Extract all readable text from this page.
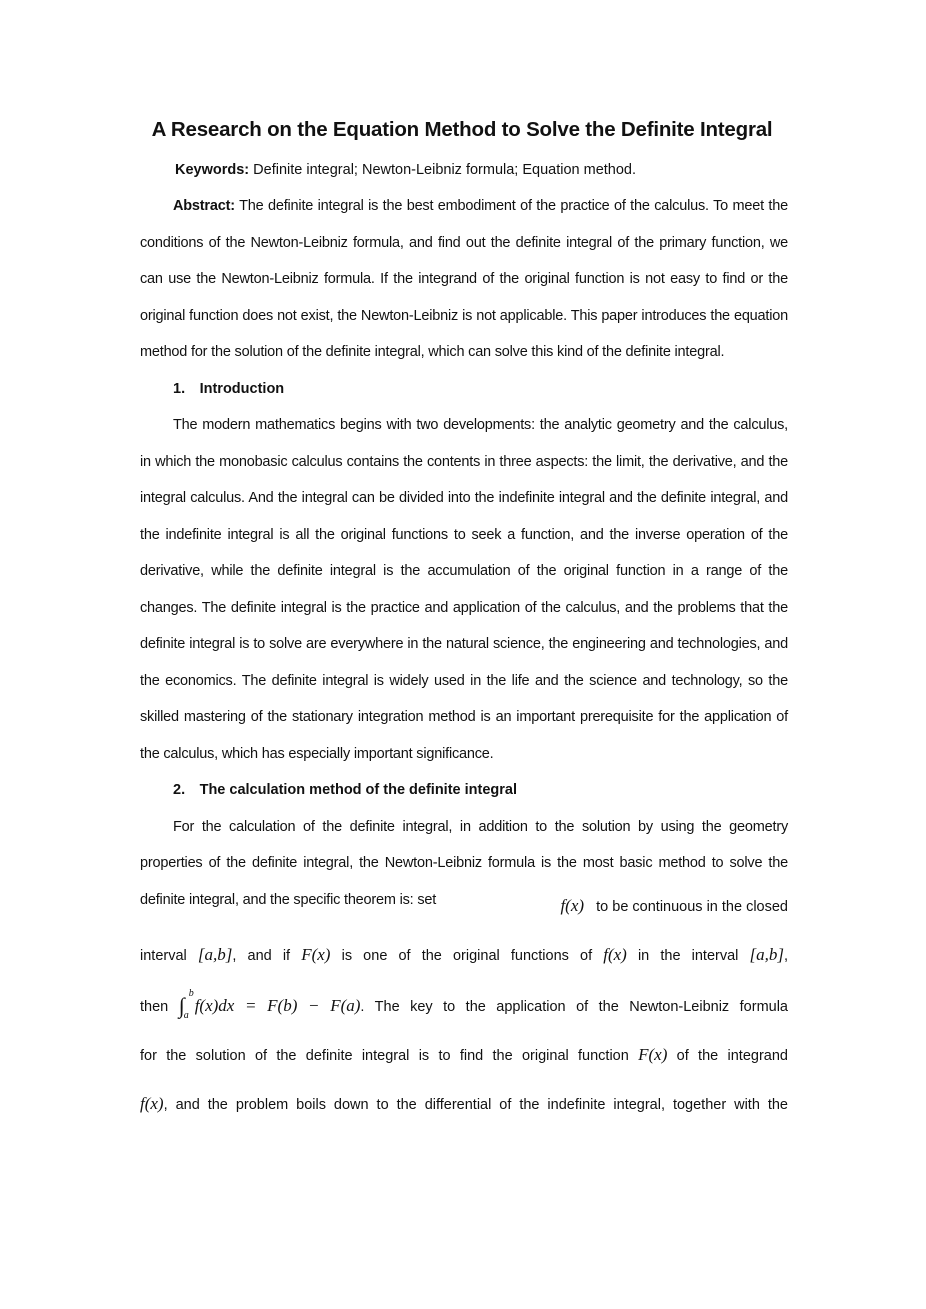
A Research on the Equation Method to Solve the Definite Integral

Keywords: Definite integral; Newton-Leibniz formula; Equation method.

Abstract: The definite integral is the best embodiment of the practice of the calculus. To meet the conditions of the Newton-Leibniz formula, and find out the definite integral of the primary function, we can use the Newton-Leibniz formula. If the integrand of the original function is not easy to find or the original function does not exist, the Newton-Leibniz is not applicable. This paper introduces the equation method for the solution of the definite integral, which can solve this kind of the definite integral.

1. Introduction

The modern mathematics begins with two developments: the analytic geometry and the calculus, in which the monobasic calculus contains the contents in three aspects: the limit, the derivative, and the integral calculus. And the integral can be divided into the indefinite integral and the definite integral, and the indefinite integral is all the original functions to seek a function, and the inverse operation of the derivative, while the definite integral is the accumulation of the original function in a range of the changes. The definite integral is the practice and application of the calculus, and the problems that the definite integral is to solve are everywhere in the natural science, the engineering and technologies, and the economics. The definite integral is widely used in the life and the science and technology, so the skilled mastering of the stationary integration method is an important prerequisite for the application of the calculus, which has especially important significance.

2. The calculation method of the definite integral

For the calculation of the definite integral, in addition to the solution by using the geometry properties of the definite integral, the Newton-Leibniz formula is the most basic method to solve the definite integral, and the specific theorem is: set	f(x) to be continuous in the closed

interval [a,b], and if F(x) is one of the original functions of f(x) in the interval [a,b],

then ∫ b
a
f(x)dx = F(b) − F(a). The key to the application of the Newton-Leibniz formula

for the solution of the definite integral is to find the original function F(x) of the integrand

f(x), and the problem boils down to the differential of the indefinite integral, together with the
